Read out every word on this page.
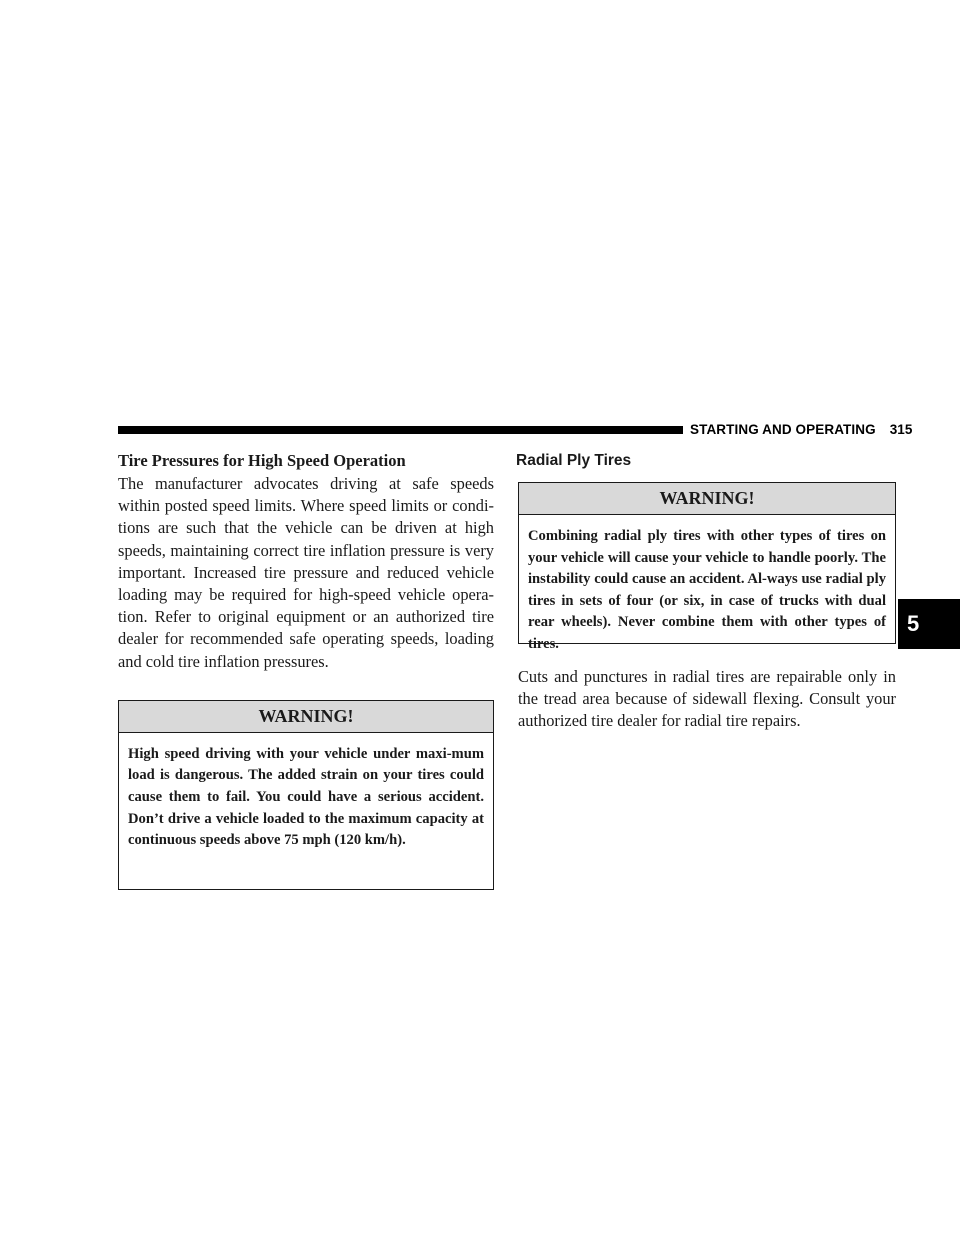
STARTING AND OPERATING 315
5
Tire Pressures for High Speed Operation

The manufacturer advocates driving at safe speeds within posted speed limits. Where speed limits or condi-tions are such that the vehicle can be driven at high speeds, maintaining correct tire inflation pressure is very important. Increased tire pressure and reduced vehicle loading may be required for high-speed vehicle opera-tion. Refer to original equipment or an authorized tire dealer for recommended safe operating speeds, loading and cold tire inflation pressures.

WARNING!

High speed driving with your vehicle under maxi-mum load is dangerous. The added strain on your tires could cause them to fail. You could have a serious accident. Don’t drive a vehicle loaded to the maximum capacity at continuous speeds above 75 mph (120 km/h).

Radial Ply Tires
WARNING!

Combining radial ply tires with other types of tires on your vehicle will cause your vehicle to handle poorly. The instability could cause an accident. Al-ways use radial ply tires in sets of four (or six, in case of trucks with dual rear wheels). Never combine them with other types of tires.

Cuts and punctures in radial tires are repairable only in the tread area because of sidewall flexing. Consult your authorized tire dealer for radial tire repairs.
